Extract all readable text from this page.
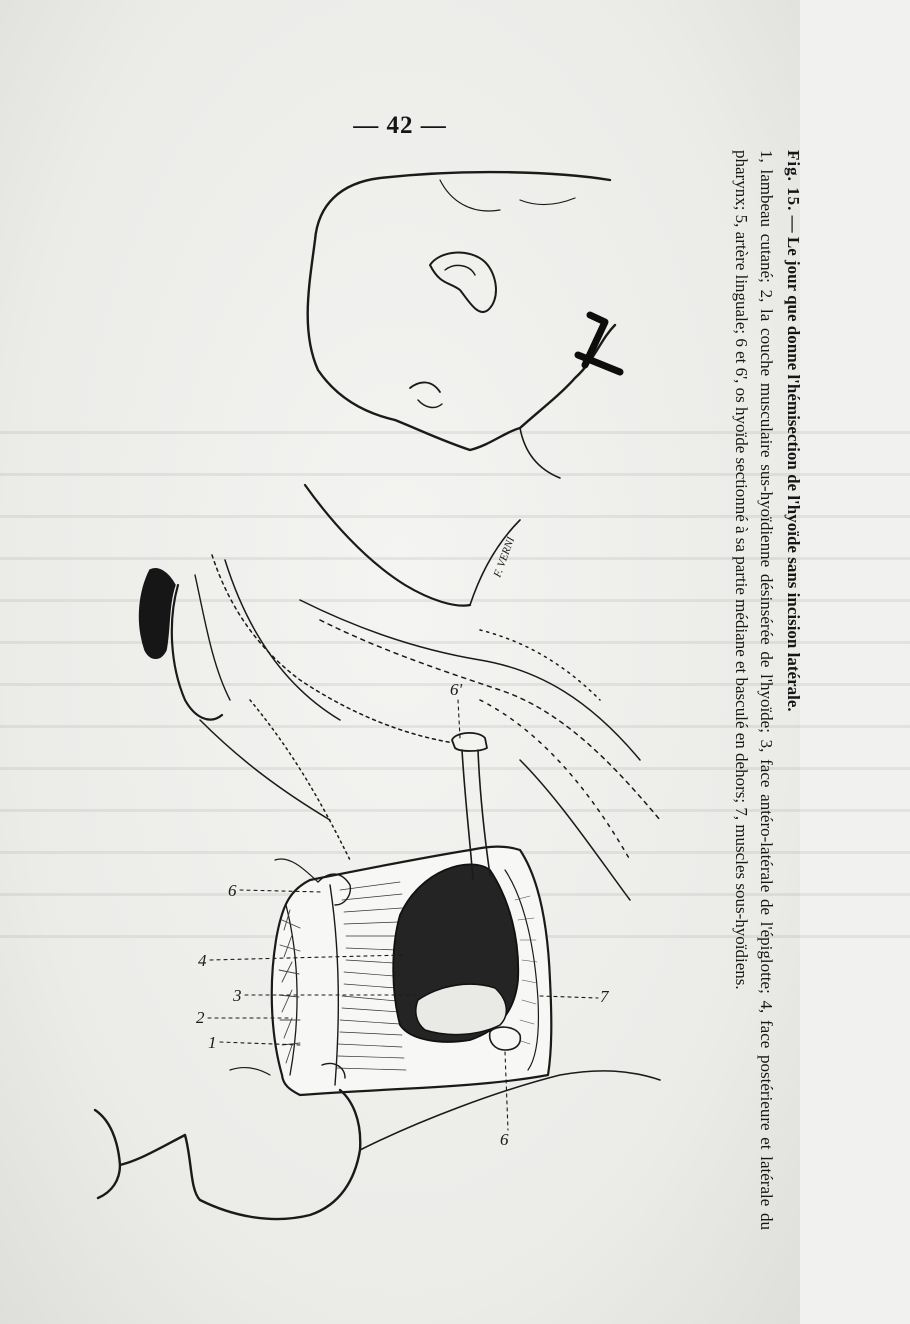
— 42 —
F. VERNI
6'
6
4
3
2
1
7
6
Fig. 15. — Le jour que donne l'hémisection de l'hyoïde sans incision latérale.
1, lambeau cutané; 2, la couche musculaire sus-hyoïdienne désinsérée de l'hyoïde; 3, face antéro-latérale de l'épiglotte; 4, face postérieure et latérale du pharynx; 5, artère linguale; 6 et 6', os hyoïde sectionné à sa partie médiane et basculé en dehors; 7, muscles sous-hyoïdiens.
